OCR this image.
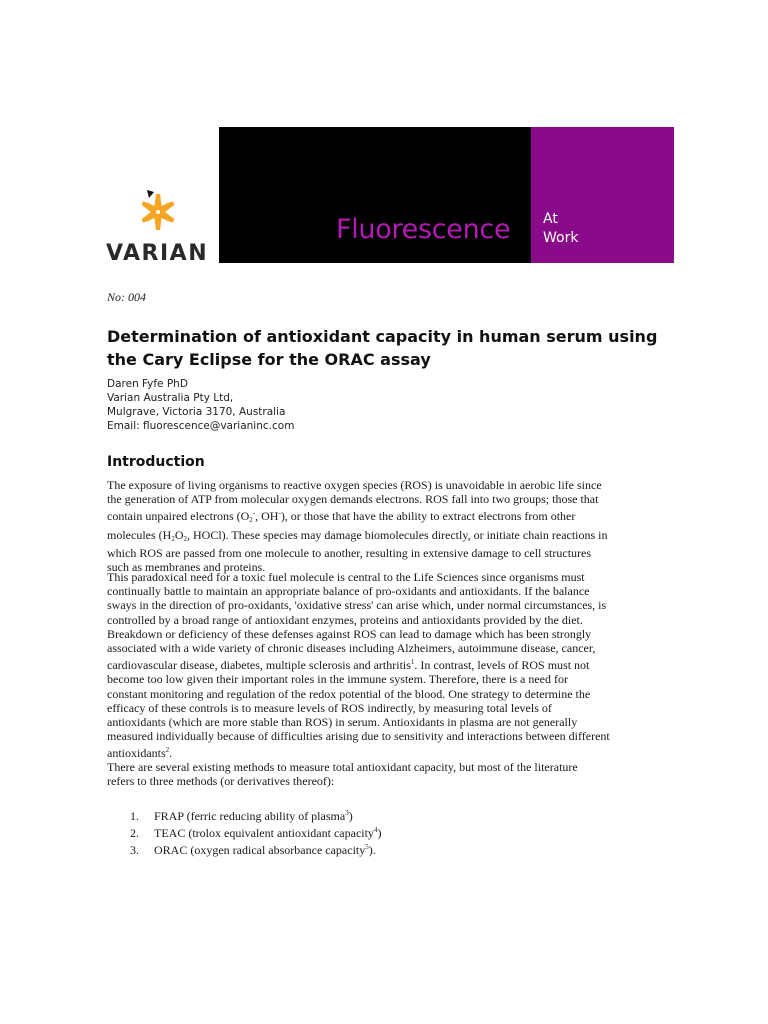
VARIAN
Fluorescence At
Work
No: 004
Determination of antioxidant capacity in human serum using the Cary Eclipse for the ORAC assay
Daren Fyfe PhD
Varian Australia Pty Ltd,
Mulgrave, Victoria 3170, Australia
Email: fluorescence@varianinc.com
Introduction
The exposure of living organisms to reactive oxygen species (ROS) is unavoidable in aerobic life since
the generation of ATP from molecular oxygen demands electrons. ROS fall into two groups; those that
contain unpaired electrons ($O_2^-$, OH-), or those that have the ability to extract electrons from other
molecules ($H_2O_2$, HOCl). These species may damage biomolecules directly, or initiate chain reactions in
which ROS are passed from one molecule to another, resulting in extensive damage to cell structures
such as membranes and proteins.
This paradoxical need for a toxic fuel molecule is central to the Life Sciences since organisms must
continually battle to maintain an appropriate balance of pro-oxidants and antioxidants. If the balance
sways in the direction of pro-oxidants, 'oxidative stress' can arise which, under normal circumstances, is
controlled by a broad range of antioxidant enzymes, proteins and antioxidants provided by the diet.
Breakdown or deficiency of these defenses against ROS can lead to damage which has been strongly
associated with a wide variety of chronic diseases including Alzheimers, autoimmune disease, cancer,
cardiovascular disease, diabetes, multiple sclerosis and arthritis$^1$. In contrast, levels of ROS must not
become too low given their important roles in the immune system. Therefore, there is a need for
constant monitoring and regulation of the redox potential of the blood. One strategy to determine the
efficacy of these controls is to measure levels of ROS indirectly, by measuring total levels of
antioxidants (which are more stable than ROS) in serum. Antioxidants in plasma are not generally
measured individually because of difficulties arising due to sensitivity and interactions between different
antioxidants$^2$.
There are several existing methods to measure total antioxidant capacity, but most of the literature
refers to three methods (or derivatives thereof):
1. FRAP (ferric reducing ability of plasma$^3$)
2. TEAC (trolox equivalent antioxidant capacity$^4$)
3. ORAC (oxygen radical absorbance capacity$^5$).
